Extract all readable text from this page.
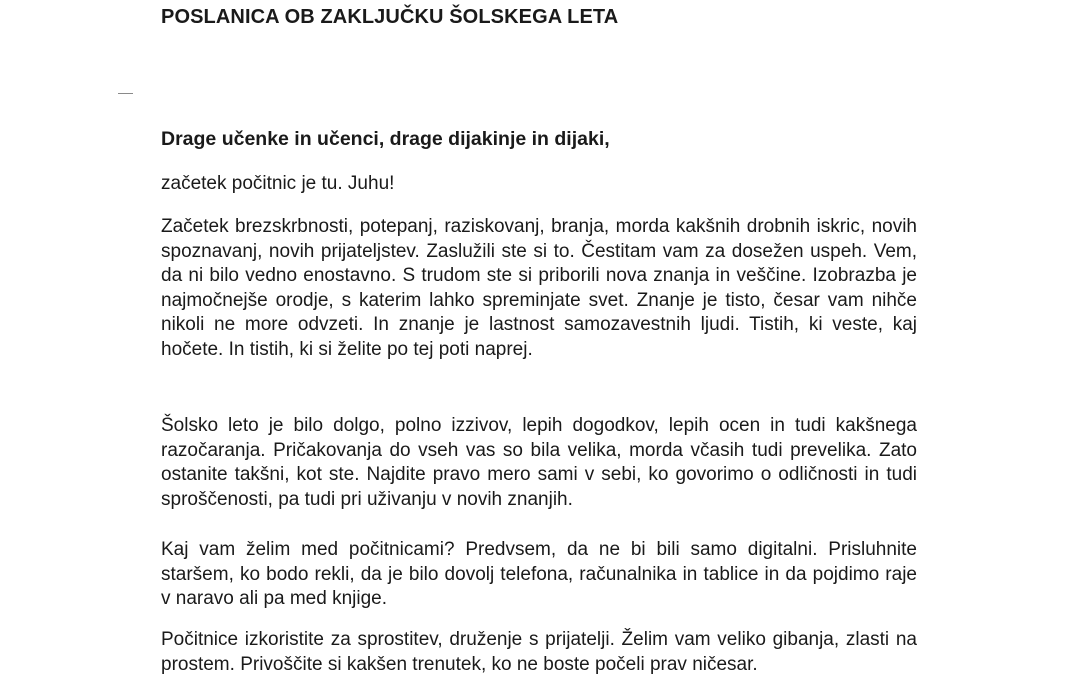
POSLANICA OB ZAKLJUČKU ŠOLSKEGA LETA
Drage učenke in učenci, drage dijakinje in dijaki,
začetek počitnic je tu. Juhu!

Začetek brezskrbnosti, potepanj, raziskovanj, branja, morda kakšnih drobnih iskric, novih spoznavanj, novih prijateljstev. Zaslužili ste si to. Čestitam vam za dosežen uspeh. Vem, da ni bilo vedno enostavno. S trudom ste si priborili nova znanja in veščine. Izobrazba je najmočnejše orodje, s katerim lahko spreminjate svet. Znanje je tisto, česar vam nihče nikoli ne more odvzeti. In znanje je lastnost samozavestnih ljudi. Tistih, ki veste, kaj hočete. In tistih, ki si želite po tej poti naprej.

Šolsko leto je bilo dolgo, polno izzivov, lepih dogodkov, lepih ocen in tudi kakšnega razočaranja. Pričakovanja do vseh vas so bila velika, morda včasih tudi prevelika. Zato ostanite takšni, kot ste. Najdite pravo mero sami v sebi, ko govorimo o odličnosti in tudi sproščenosti, pa tudi pri uživanju v novih znanjih.

Kaj vam želim med počitnicami? Predvsem, da ne bi bili samo digitalni. Prisluhnite staršem, ko bodo rekli, da je bilo dovolj telefona, računalnika in tablice in da pojdimo raje v naravo ali pa med knjige.

Počitnice izkoristite za sprostitev, druženje s prijatelji. Želim vam veliko gibanja, zlasti na prostem. Privoščite si kakšen trenutek, ko ne boste počeli prav ničesar.
